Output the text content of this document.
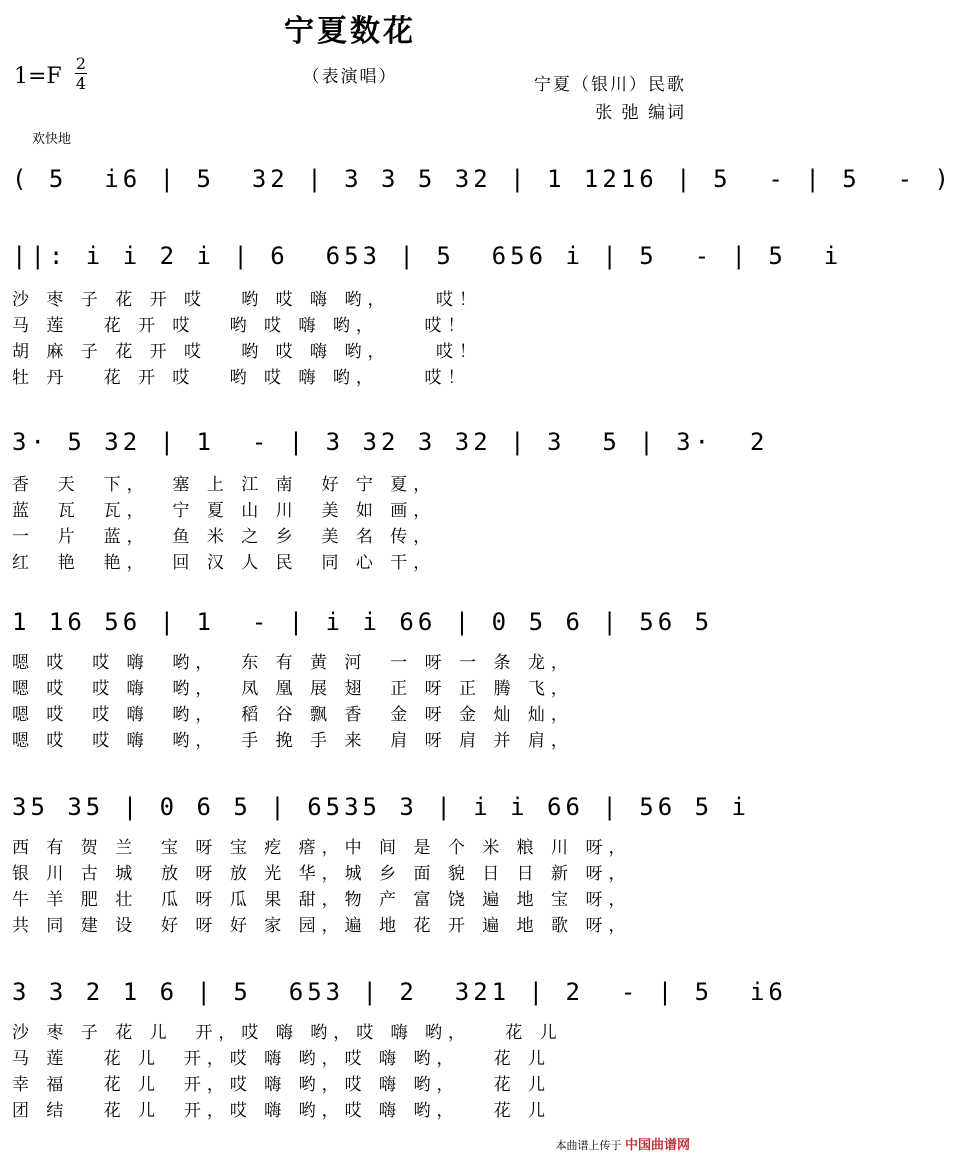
宁夏数花
（表演唱）
1=F
2
4	宁夏（银川）民歌
张 弛 编词
欢快地
( 5  i6 | 5  32 | 3 3 5 32 | 1 1216 | 5  - | 5  - )
||: i i 2 i | 6  653 | 5  656 i | 5  - | 5  i
沙 枣 子 花 开 哎   哟 哎 嗨 哟，    哎！
马 莲   花 开 哎   哟 哎 嗨 哟，    哎！
胡 麻 子 花 开 哎   哟 哎 嗨 哟，    哎！
牡 丹   花 开 哎   哟 哎 嗨 哟，    哎！
3· 5 32 | 1  - | 3 32 3 32 | 3  5 | 3·  2
香  天  下，  塞 上 江 南  好 宁 夏，
蓝  瓦  瓦，  宁 夏 山 川  美 如 画，
一  片  蓝，  鱼 米 之 乡  美 名 传，
红  艳  艳，  回 汉 人 民  同 心 干，
1 16 56 | 1  - | i i 66 | 0 5 6 | 56 5
嗯 哎  哎 嗨  哟，  东 有 黄 河  一 呀 一 条 龙，
嗯 哎  哎 嗨  哟，  凤 凰 展 翅  正 呀 正 腾 飞，
嗯 哎  哎 嗨  哟，  稻 谷 飘 香  金 呀 金 灿 灿，
嗯 哎  哎 嗨  哟，  手 挽 手 来  肩 呀 肩 并 肩，
35 35 | 0 6 5 | 6535 3 | i i 66 | 56 5 i
西 有 贺 兰  宝 呀 宝 疙 瘩，中 间 是 个 米 粮 川 呀，
银 川 古 城  放 呀 放 光 华，城 乡 面 貌 日 日 新 呀，
牛 羊 肥 壮  瓜 呀 瓜 果 甜，物 产 富 饶 遍 地 宝 呀，
共 同 建 设  好 呀 好 家 园，遍 地 花 开 遍 地 歌 呀，
3 3 2 1 6 | 5  653 | 2  321 | 2  - | 5  i6
沙 枣 子 花 儿  开，哎 嗨 哟，哎 嗨 哟，   花 儿
马 莲   花 儿  开，哎 嗨 哟，哎 嗨 哟，   花 儿
幸 福   花 儿  开，哎 嗨 哟，哎 嗨 哟，   花 儿
团 结   花 儿  开，哎 嗨 哟，哎 嗨 哟，   花 儿
本曲谱上传于 中国曲谱网
